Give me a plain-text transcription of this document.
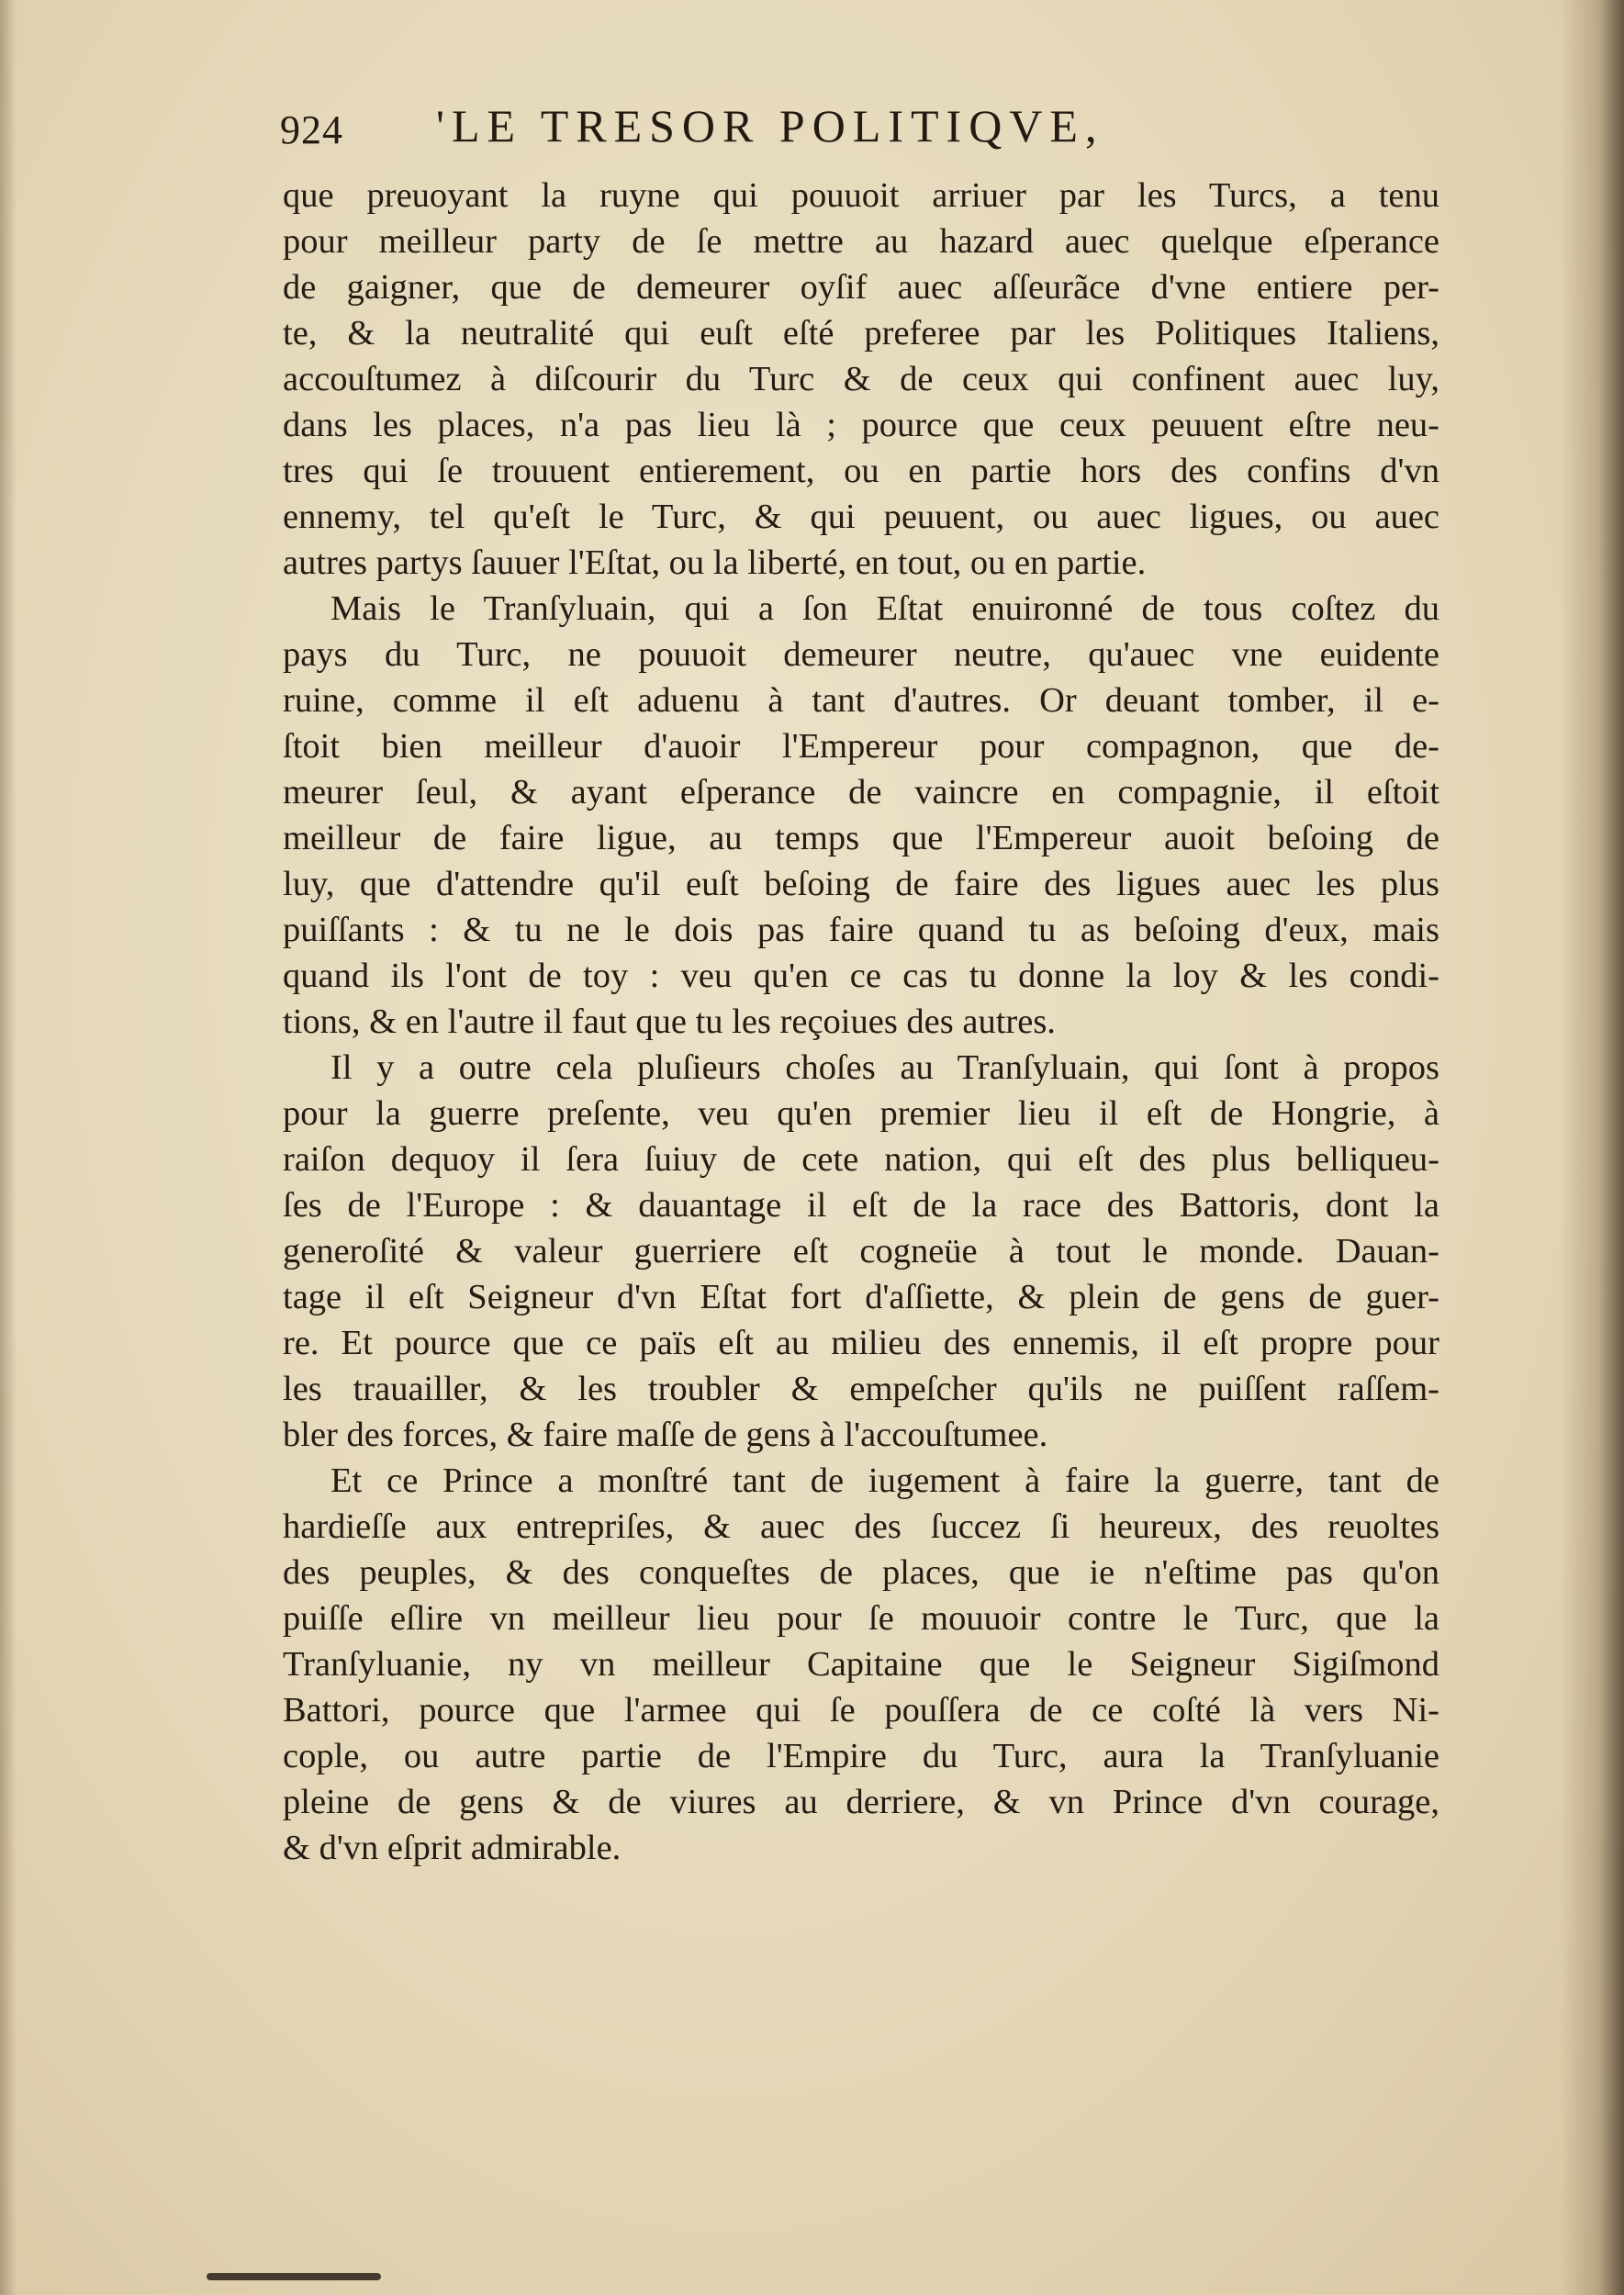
924 'LE TRESOR POLITIQVE,
que preuoyant la ruyne qui pouuoit arriuer par les Turcs, a tenu
pour meilleur party de ſe mettre au hazard auec quelque eſperance
de gaigner, que de demeurer oyſif auec aſſeurãce d'vne entiere per-
te, & la neutralité qui euſt eſté preferee par les Politiques Italiens,
accouſtumez à diſcourir du Turc & de ceux qui confinent auec luy,
dans les places, n'a pas lieu là ; pource que ceux peuuent eſtre neu-
tres qui ſe trouuent entierement, ou en partie hors des confins d'vn
ennemy, tel qu'eſt le Turc, & qui peuuent, ou auec ligues, ou auec
autres partys ſauuer l'Eſtat, ou la liberté, en tout, ou en partie.
Mais le Tranſyluain, qui a ſon Eſtat enuironné de tous coſtez du
pays du Turc, ne pouuoit demeurer neutre, qu'auec vne euidente
ruine, comme il eſt aduenu à tant d'autres. Or deuant tomber, il e-
ſtoit bien meilleur d'auoir l'Empereur pour compagnon, que de-
meurer ſeul, & ayant eſperance de vaincre en compagnie, il eſtoit
meilleur de faire ligue, au temps que l'Empereur auoit beſoing de
luy, que d'attendre qu'il euſt beſoing de faire des ligues auec les plus
puiſſants : & tu ne le dois pas faire quand tu as beſoing d'eux, mais
quand ils l'ont de toy : veu qu'en ce cas tu donne la loy & les condi-
tions, & en l'autre il faut que tu les reçoiues des autres.
Il y a outre cela pluſieurs choſes au Tranſyluain, qui ſont à propos
pour la guerre preſente, veu qu'en premier lieu il eſt de Hongrie, à
raiſon dequoy il ſera ſuiuy de cete nation, qui eſt des plus belliqueu-
ſes de l'Europe : & dauantage il eſt de la race des Battoris, dont la
generoſité & valeur guerriere eſt cogneüe à tout le monde. Dauan-
tage il eſt Seigneur d'vn Eſtat fort d'aſſiette, & plein de gens de guer-
re. Et pource que ce païs eſt au milieu des ennemis, il eſt propre pour
les trauailler, & les troubler & empeſcher qu'ils ne puiſſent raſſem-
bler des forces, & faire maſſe de gens à l'accouſtumee.
Et ce Prince a monſtré tant de iugement à faire la guerre, tant de
hardieſſe aux entrepriſes, & auec des ſuccez ſi heureux, des reuoltes
des peuples, & des conqueſtes de places, que ie n'eſtime pas qu'on
puiſſe eſlire vn meilleur lieu pour ſe mouuoir contre le Turc, que la
Tranſyluanie, ny vn meilleur Capitaine que le Seigneur Sigiſmond
Battori, pource que l'armee qui ſe pouſſera de ce coſté là vers Ni-
cople, ou autre partie de l'Empire du Turc, aura la Tranſyluanie
pleine de gens & de viures au derriere, & vn Prince d'vn courage,
& d'vn eſprit admirable.
